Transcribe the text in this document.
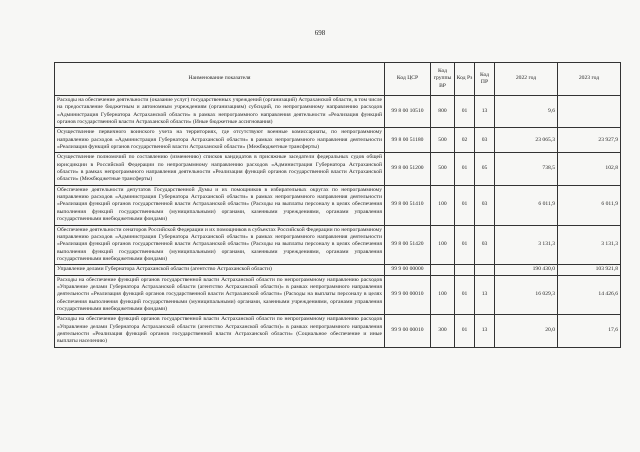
698
Наименование показателя	Код ЦСР	Код группы ВР	Код Рз	Код ПР	2022 год	2023 год
Расходы на обеспечение деятельности (оказание услуг) государственных учреждений (организаций) Астраханской области, в том числе на предоставление бюджетным и автономным учреждениям (организациям) субсидий, по непрограммному направлению расходов «Администрация Губернатора Астраханской области» в рамках непрограммного направления деятельности «Реализация функций органов государственной власти Астраханской области» (Иные бюджетные ассигнования)	99 8 00 10510	800	01	13	9,6	
Осуществление первичного воинского учета на территориях, где отсутствуют военные комиссариаты, по непрограммному направлению расходов «Администрация Губернатора Астраханской области» в рамках непрограммного направления деятельности «Реализация функций органов государственной власти Астраханской области» (Межбюджетные трансферты)	99 8 00 51180	500	02	03	23 065,3	23 927,9
Осуществление полномочий по составлению (изменению) списков кандидатов в присяжные заседатели федеральных судов общей юрисдикции в Российской Федерации по непрограммному направлению расходов «Администрация Губернатора Астраханской области» в рамках непрограммного направления деятельности «Реализация функций органов государственной власти Астраханской области» (Межбюджетные трансферты)	99 8 00 51200	500	01	05	738,5	102,8
Обеспечение деятельности депутатов Государственной Думы и их помощников в избирательных округах по непрограммному направлению расходов «Администрация Губернатора Астраханской области» в рамках непрограммного направления деятельности «Реализация функций органов государственной власти Астраханской области» (Расходы на выплаты персоналу в целях обеспечения выполнения функций государственными (муниципальными) органами, казенными учреждениями, органами управления государственными внебюджетными фондами)	99 8 00 51410	100	01	03	6 011,9	6 011,9
Обеспечение деятельности сенаторов Российской Федерации и их помощников в субъектах Российской Федерации по непрограммному направлению расходов «Администрация Губернатора Астраханской области» в рамках непрограммного направления деятельности «Реализация функций органов государственной власти Астраханской области» (Расходы на выплаты персоналу в целях обеспечения выполнения функций государственными (муниципальными) органами, казенными учреждениями, органами управления государственными внебюджетными фондами)	99 8 00 51420	100	01	03	3 131,3	3 131,3
Управление делами Губернатора Астраханской области (агентство Астраханской области)	99 9 00 00000				190 430,0	103 921,8
Расходы на обеспечение функций органов государственной власти Астраханской области по непрограммному направлению расходов «Управление делами Губернатора Астраханской области (агентство Астраханской области)» в рамках непрограммного направления деятельности «Реализация функций органов государственной власти Астраханской области» (Расходы на выплаты персоналу в целях обеспечения выполнения функций государственными (муниципальными) органами, казенными учреждениями, органами управления государственными внебюджетными фондами)	99 9 00 00010	100	01	13	16 029,3	14 426,6
Расходы на обеспечение функций органов государственной власти Астраханской области по непрограммному направлению расходов «Управление делами Губернатора Астраханской области (агентство Астраханской области)» в рамках непрограммного направления деятельности «Реализация функций органов государственной власти Астраханской области» (Социальное обеспечение и иные выплаты населению)	99 9 00 00010	300	01	13	20,0	17,6
